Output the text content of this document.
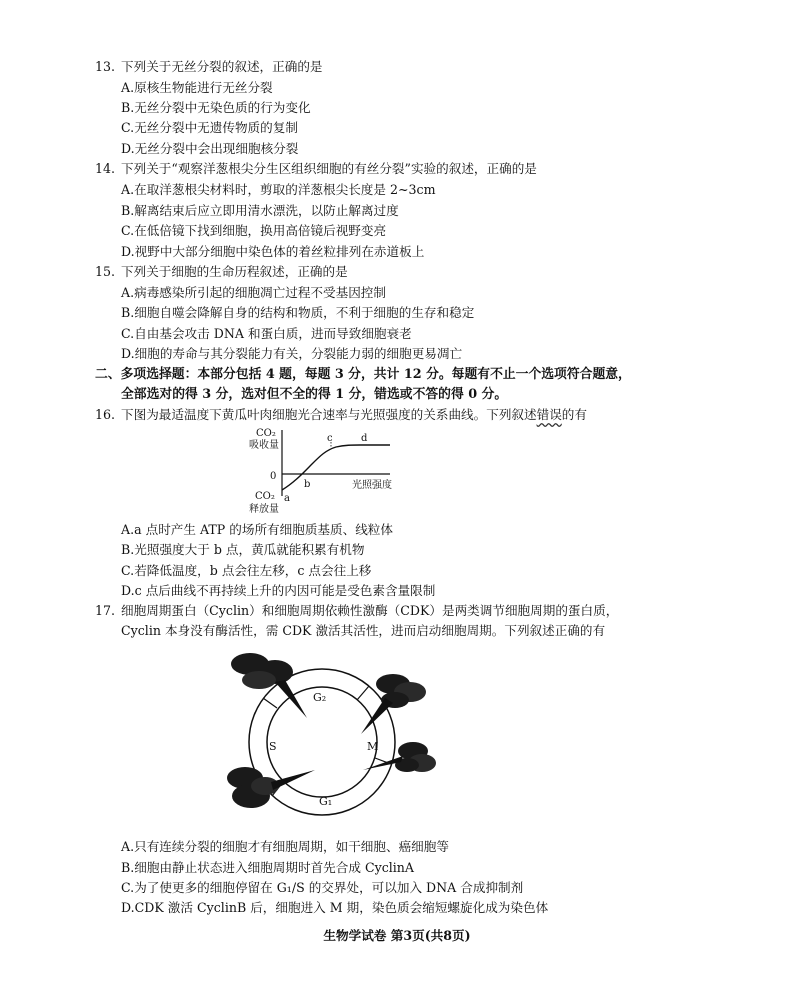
13. 下列关于无丝分裂的叙述，正确的是
A.原核生物能进行无丝分裂
B.无丝分裂中无染色质的行为变化
C.无丝分裂中无遗传物质的复制
D.无丝分裂中会出现细胞核分裂
14. 下列关于“观察洋葱根尖分生区组织细胞的有丝分裂”实验的叙述，正确的是
A.在取洋葱根尖材料时，剪取的洋葱根尖长度是 2~3cm
B.解离结束后应立即用清水漂洗，以防止解离过度
C.在低倍镜下找到细胞，换用高倍镜后视野变亮
D.视野中大部分细胞中染色体的着丝粒排列在赤道板上
15. 下列关于细胞的生命历程叙述，正确的是
A.病毒感染所引起的细胞凋亡过程不受基因控制
B.细胞自噬会降解自身的结构和物质，不利于细胞的生存和稳定
C.自由基会攻击 DNA 和蛋白质，进而导致细胞衰老
D.细胞的寿命与其分裂能力有关，分裂能力弱的细胞更易凋亡
二、多项选择题：本部分包括 4 题，每题 3 分，共计 12 分。每题有不止一个选项符合题意，
全部选对的得 3 分，选对但不全的得 1 分，错选或不答的得 0 分。
16. 下图为最适温度下黄瓜叶肉细胞光合速率与光照强度的关系曲线。下列叙述错误的有
CO₂
吸收量
0
CO₂
释放量
a
b
c	d
光照强度
A.a 点时产生 ATP 的场所有细胞质基质、线粒体
B.光照强度大于 b 点，黄瓜就能积累有机物
C.若降低温度，b 点会往左移，c 点会往上移
D.c 点后曲线不再持续上升的内因可能是受色素含量限制
17. 细胞周期蛋白（Cyclin）和细胞周期依赖性激酶（CDK）是两类调节细胞周期的蛋白质，
Cyclin 本身没有酶活性，需 CDK 激活其活性，进而启动细胞周期。下列叙述正确的有
G₂
S	M
G₁
A.只有连续分裂的细胞才有细胞周期，如干细胞、癌细胞等
B.细胞由静止状态进入细胞周期时首先合成 CyclinA
C.为了使更多的细胞停留在 G₁/S 的交界处，可以加入 DNA 合成抑制剂
D.CDK 激活 CyclinB 后，细胞进入 M 期，染色质会缩短螺旋化成为染色体
生物学试卷 第3页(共8页)
